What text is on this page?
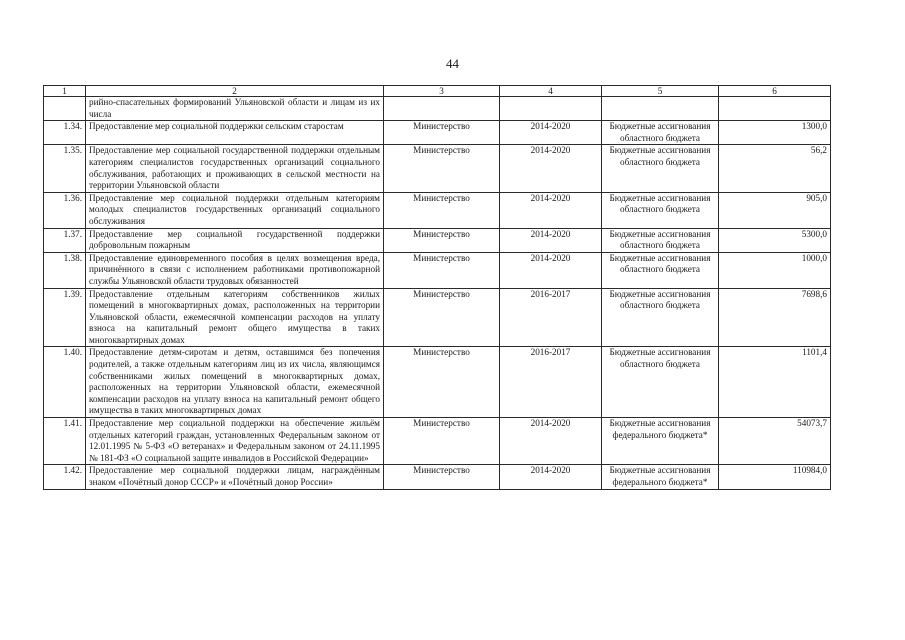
44
1	2	3	4	5	6
	рийно-спасательных формирований Ульяновской области и лицам из их числа				
1.34.	Предоставление мер социальной поддержки сельским старостам	Министерство	2014-2020	Бюджетные ассигнования областного бюджета	1300,0
1.35.	Предоставление мер социальной государственной поддержки отдельным категориям специалистов государственных организаций социального обслуживания, работающих и проживающих в сельской местности на территории Ульяновской области	Министерство	2014-2020	Бюджетные ассигнования областного бюджета	56,2
1.36.	Предоставление мер социальной поддержки отдельным категориям молодых специалистов государственных организаций социального обслуживания	Министерство	2014-2020	Бюджетные ассигнования областного бюджета	905,0
1.37.	Предоставление мер социальной государственной поддержки добровольным пожарным	Министерство	2014-2020	Бюджетные ассигнования областного бюджета	5300,0
1.38.	Предоставление единовременного пособия в целях возмещения вреда, причинённого в связи с исполнением работниками противопожарной службы Ульяновской области трудовых обязанностей	Министерство	2014-2020	Бюджетные ассигнования областного бюджета	1000,0
1.39.	Предоставление отдельным категориям собственников жилых помещений в многоквартирных домах, расположенных на территории Ульяновской области, ежемесячной компенсации расходов на уплату взноса на капитальный ремонт общего имущества в таких многоквартирных домах	Министерство	2016-2017	Бюджетные ассигнования областного бюджета	7698,6
1.40.	Предоставление детям-сиротам и детям, оставшимся без попечения родителей, а также отдельным категориям лиц из их числа, являющимся собственниками жилых помещений в многоквартирных домах, расположенных на территории Ульяновской области, ежемесячной компенсации расходов на уплату взноса на капитальный ремонт общего имущества в таких многоквартирных домах	Министерство	2016-2017	Бюджетные ассигнования областного бюджета	1101,4
1.41.	Предоставление мер социальной поддержки на обеспечение жильём отдельных категорий граждан, установленных Федеральным законом от 12.01.1995 № 5-ФЗ «О ветеранах» и Федеральным законом от 24.11.1995 № 181-ФЗ «О социальной защите инвалидов в Российской Федерации»	Министерство	2014-2020	Бюджетные ассигнования федерального бюджета*	54073,7
1.42.	Предоставление мер социальной поддержки лицам, награждённым знаком «Почётный донор СССР» и «Почётный донор России»	Министерство	2014-2020	Бюджетные ассигнования федерального бюджета*	110984,0
